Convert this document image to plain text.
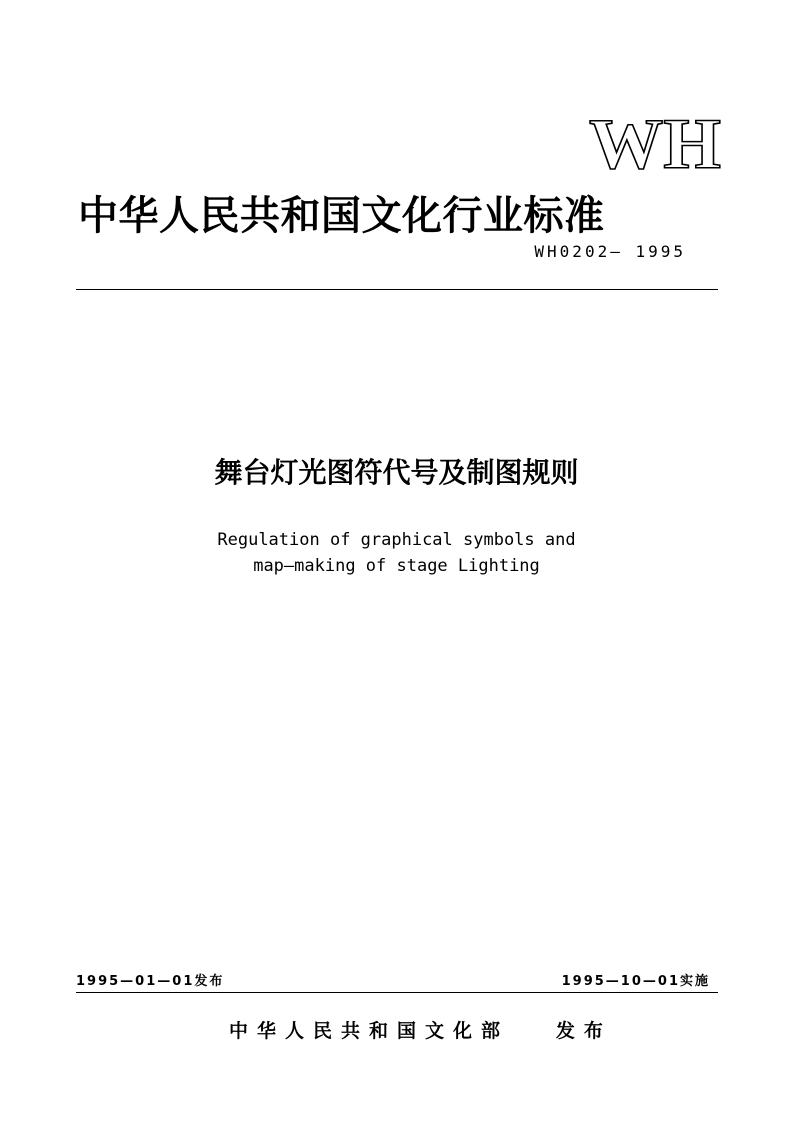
WH
中华人民共和国文化行业标准
WH0202— 1995
舞台灯光图符代号及制图规则
Regulation of graphical symbols and
map—making of stage Lighting
1995—01—01发布	1995—10—01实施
中华人民共和国文化部   发布
